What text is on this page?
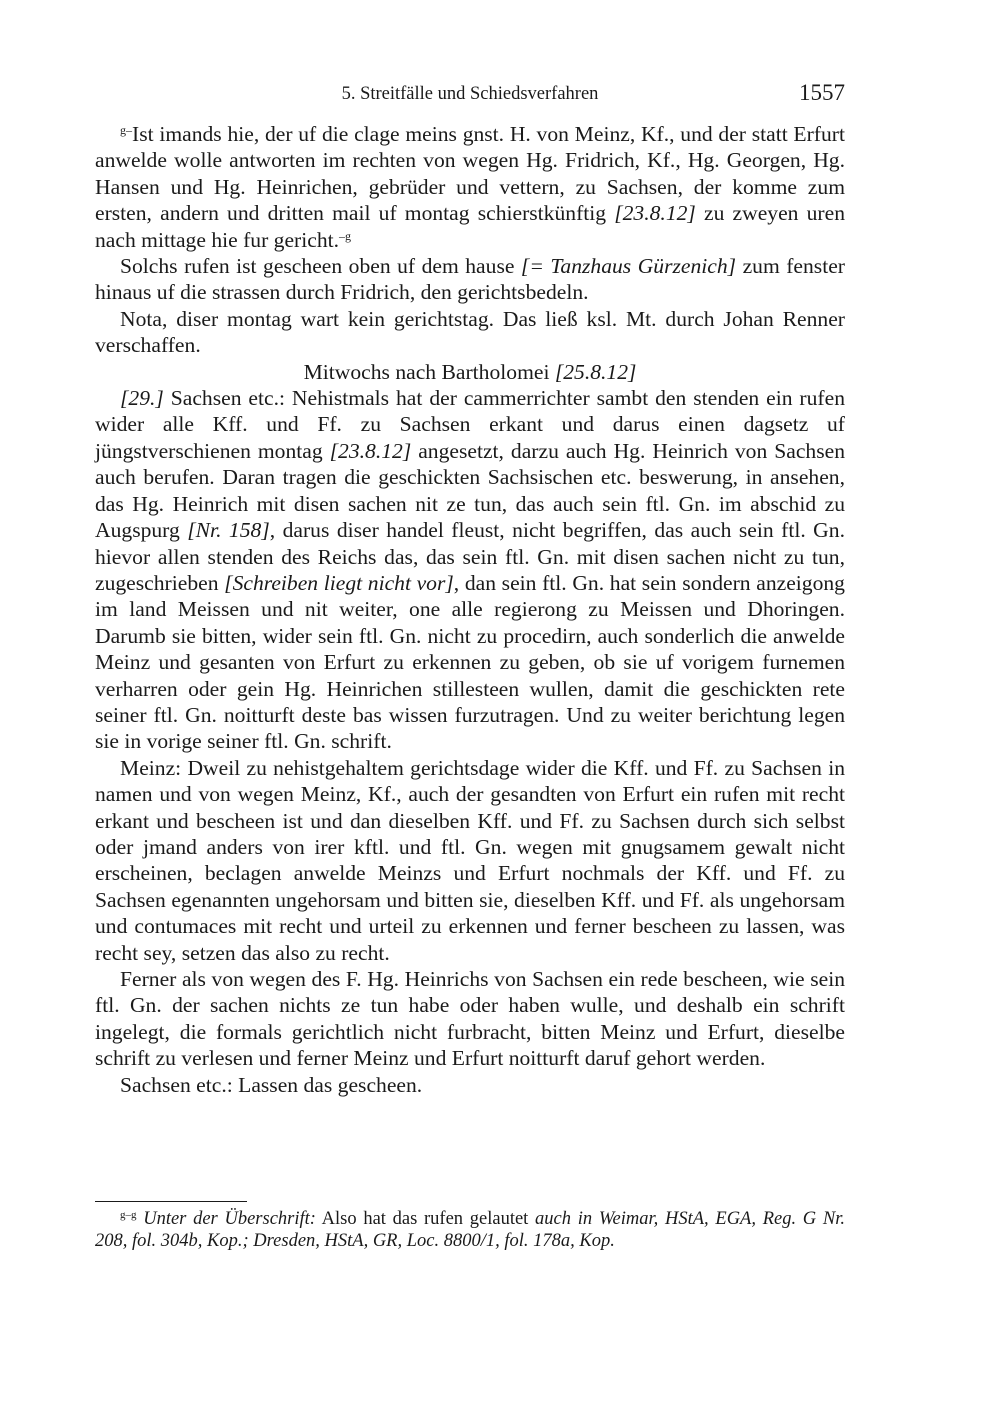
5. Streitfälle und Schiedsverfahren	1557

$^{g-}$Ist imands hie, der uf die clage meins gnst. H. von Meinz, Kf., und der statt Erfurt anwelde wolle antworten im rechten von wegen Hg. Fridrich, Kf., Hg. Georgen, Hg. Hansen und Hg. Heinrichen, gebrüder und vettern, zu Sachsen, der komme zum ersten, andern und dritten mail uf montag schierstkünftig [23.8.12] zu zweyen uren nach mittage hie fur gericht.$^{-g}$

Solchs rufen ist gescheen oben uf dem hause [= Tanzhaus Gürzenich] zum fenster hinaus uf die strassen durch Fridrich, den gerichtsbedeln.

Nota, diser montag wart kein gerichtstag. Das ließ ksl. Mt. durch Johan Renner verschaffen.

Mitwochs nach Bartholomei [25.8.12]

[29.] Sachsen etc.: Nehistmals hat der cammerrichter sambt den stenden ein rufen wider alle Kff. und Ff. zu Sachsen erkant und darus einen dagsetz uf jüngstverschienen montag [23.8.12] angesetzt, darzu auch Hg. Heinrich von Sachsen auch berufen. Daran tragen die geschickten Sachsischen etc. beswerung, in ansehen, das Hg. Heinrich mit disen sachen nit ze tun, das auch sein ftl. Gn. im abschid zu Augspurg [Nr. 158], darus diser handel fleust, nicht begriffen, das auch sein ftl. Gn. hievor allen stenden des Reichs das, das sein ftl. Gn. mit disen sachen nicht zu tun, zugeschrieben [Schreiben liegt nicht vor], dan sein ftl. Gn. hat sein sondern anzeigong im land Meissen und nit weiter, one alle regierong zu Meissen und Dhoringen. Darumb sie bitten, wider sein ftl. Gn. nicht zu procedirn, auch sonderlich die anwelde Meinz und gesanten von Erfurt zu erkennen zu geben, ob sie uf vorigem furnemen verharren oder gein Hg. Heinrichen stillesteen wullen, damit die geschickten rete seiner ftl. Gn. noitturft deste bas wissen furzutragen. Und zu weiter berichtung legen sie in vorige seiner ftl. Gn. schrift.

Meinz: Dweil zu nehistgehaltem gerichtsdage wider die Kff. und Ff. zu Sachsen in namen und von wegen Meinz, Kf., auch der gesandten von Erfurt ein rufen mit recht erkant und bescheen ist und dan dieselben Kff. und Ff. zu Sachsen durch sich selbst oder jmand anders von irer kftl. und ftl. Gn. wegen mit gnugsamem gewalt nicht erscheinen, beclagen anwelde Meinzs und Erfurt nochmals der Kff. und Ff. zu Sachsen egenannten ungehorsam und bitten sie, dieselben Kff. und Ff. als ungehorsam und contumaces mit recht und urteil zu erkennen und ferner bescheen zu lassen, was recht sey, setzen das also zu recht.

Ferner als von wegen des F. Hg. Heinrichs von Sachsen ein rede bescheen, wie sein ftl. Gn. der sachen nichts ze tun habe oder haben wulle, und deshalb ein schrift ingelegt, die formals gerichtlich nicht furbracht, bitten Meinz und Erfurt, dieselbe schrift zu verlesen und ferner Meinz und Erfurt noitturft daruf gehort werden.

Sachsen etc.: Lassen das gescheen.

$^{g-g}$ Unter der Überschrift: Also hat das rufen gelautet auch in Weimar, HStA, EGA, Reg. G Nr. 208, fol. 304b, Kop.; Dresden, HStA, GR, Loc. 8800/1, fol. 178a, Kop.
